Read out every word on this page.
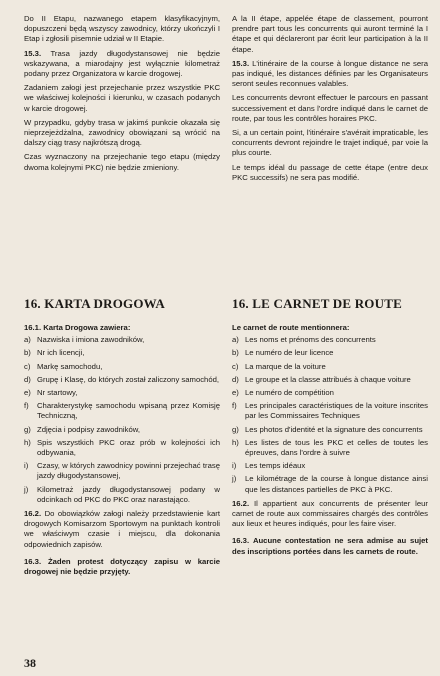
Do II Etapu, nazwanego etapem klasyfikacyjnym, dopuszczeni będą wszyscy zawodnicy, którzy ukończyli I Etap i zgłosili pisemnie udział w II Etapie.

15.3. Trasa jazdy długodystansowej nie będzie wskazywana, a miarodajny jest wyłącznie kilometraż podany przez Organizatora w karcie drogowej.

Zadaniem załogi jest przejechanie przez wszystkie PKC we właściwej kolejności i kierunku, w czasach podanych w karcie drogowej.

W przypadku, gdyby trasa w jakimś punkcie okazała się nieprzejeżdżalna, zawodnicy obowiązani są wrócić na dalszy ciąg trasy najkrótszą drogą.

Czas wyznaczony na przejechanie tego etapu (między dwoma kolejnymi PKC) nie będzie zmieniony.

A la II étape, appelée étape de classement, pourront prendre part tous les concurrents qui auront terminé la I étape et qui déclareront par écrit leur participation à la II étape.

15.3. L'itinéraire de la course à longue distance ne sera pas indiqué, les distances définies par les Organisateurs seront seules reconnues valables.

Les concurrents devront effectuer le parcours en passant successivement et dans l'ordre indiqué dans le carnet de route, par tous les contrôles horaires PKC.

Si, a un certain point, l'itinéraire s'avérait impraticable, les concurrents devront rejoindre le trajet indiqué, par voie la plus courte.

Le temps idéal du passage de cette étape (entre deux PKC successifs) ne sera pas modifié.

16. KARTA DROGOWA

16.1. Karta Drogowa zawiera:

a) Nazwiska i imiona zawodników,
b) Nr ich licencji,
c) Markę samochodu,
d) Grupę i Klasę, do których został zaliczony samochód,
e) Nr startowy,
f) Charakterystykę samochodu wpisaną przez Komisję Techniczną,
g) Zdjęcia i podpisy zawodników,
h) Spis wszystkich PKC oraz prób w kolejności ich odbywania,
i) Czasy, w których zawodnicy powinni przejechać trasę jazdy długodystansowej,
j) Kilometraż jazdy długodystansowej podany w odcinkach od PKC do PKC oraz narastająco.

16.2. Do obowiązków załogi należy przedstawienie kart drogowych Komisarzom Sportowym na punktach kontroli we właściwym czasie i miejscu, dla dokonania odpowiednich zapisów.

16.3. Żaden protest dotyczący zapisu w karcie drogowej nie będzie przyjęty.

16. LE CARNET DE ROUTE

Le carnet de route mentionnera:

a) Les noms et prénoms des concurrents
b) Le numéro de leur licence
c) La marque de la voiture
d) Le groupe et la classe attribués à chaque voiture
e) Le numéro de compétition
f) Les principales caractéristiques de la voiture inscrites par les Commissaires Techniques
g) Les photos d'identité et la signature des concurrents
h) Les listes de tous les PKC et celles de toutes les épreuves, dans l'ordre à suivre
i) Les temps idéaux
j) Le kilométrage de la course à longue distance ainsi que les distances partielles de PKC à PKC.

16.2. Il appartient aux concurrents de présenter leur carnet de route aux commissaires chargés des contrôles aux lieux et heures indiqués, pour les faire viser.

16.3. Aucune contestation ne sera admise au sujet des inscriptions portées dans les carnets de route.

38
